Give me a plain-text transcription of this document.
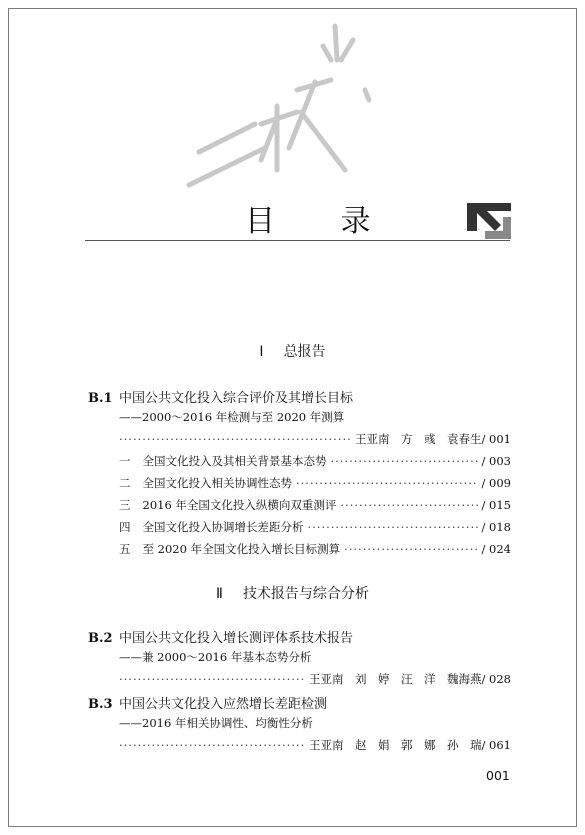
目 录
Ⅰ 总报告
B.1 中国公共文化投入综合评价及其增长目标
——2000～2016 年检测与至 2020 年测算
·····
王亚南　方　彧　袁春生 / 001
一 全国文化投入及其相关背景基本态势 ·····	/ 003
二 全国文化投入相关协调性态势 ·····	/ 009
三 2016 年全国文化投入纵横向双重测评 ·····	/ 015
四 全国文化投入协调增长差距分析 ·····	/ 018
五 至 2020 年全国文化投入增长目标测算 ·····	/ 024
Ⅱ 技术报告与综合分析
B.2 中国公共文化投入增长测评体系技术报告
——兼 2000～2016 年基本态势分析
·····
王亚南　刘　婷　汪　洋　魏海燕 / 028
B.3 中国公共文化投入应然增长差距检测
——2016 年相关协调性、均衡性分析
·····
王亚南　赵　娟　郭　娜　孙　瑞 / 061
001
